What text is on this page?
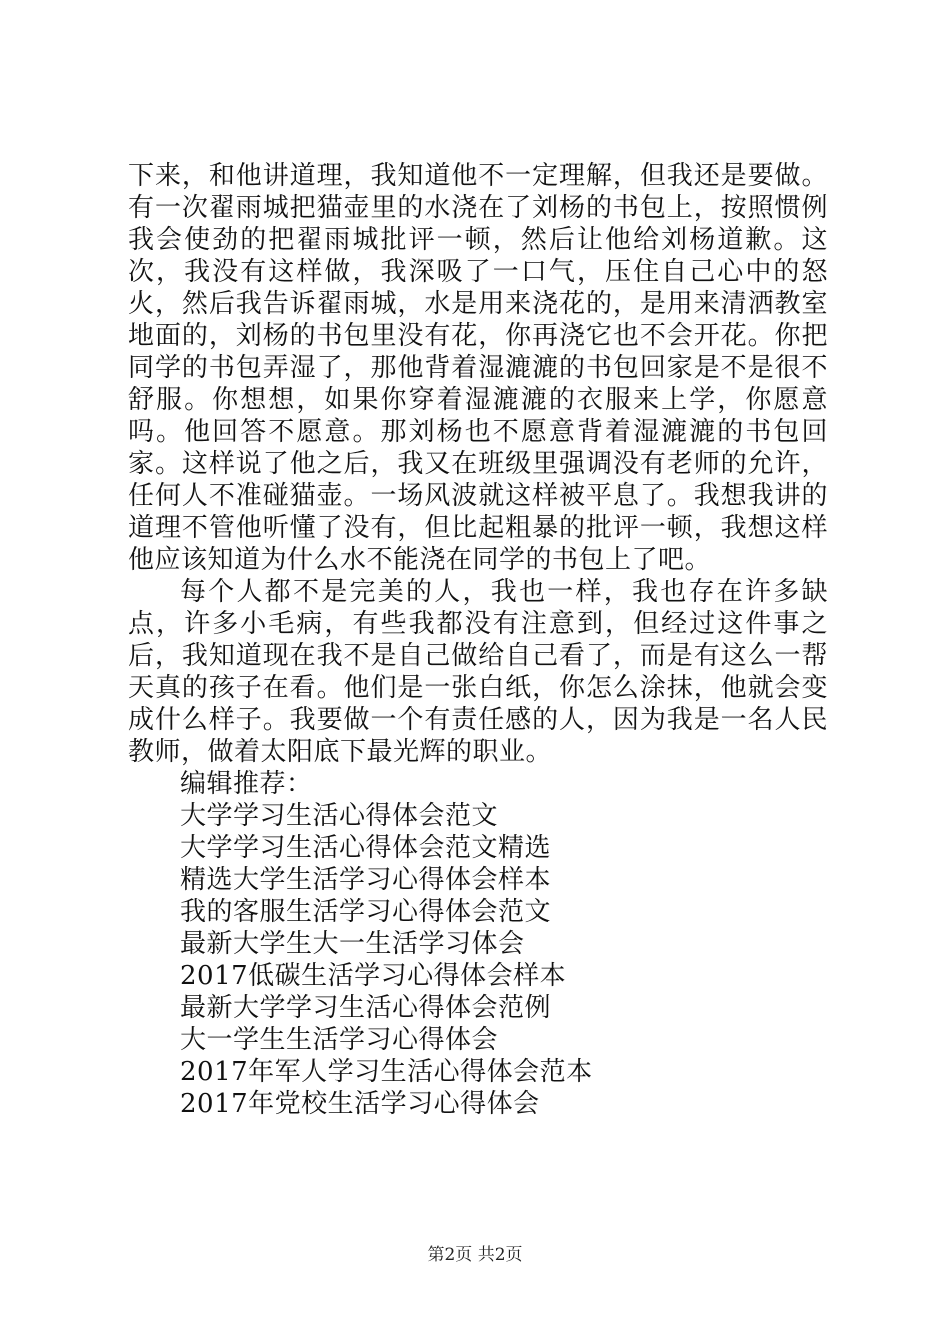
下来，和他讲道理，我知道他不一定理解，但我还是要做。有一次翟雨城把猫壶里的水浇在了刘杨的书包上，按照惯例我会使劲的把翟雨城批评一顿，然后让他给刘杨道歉。这次，我没有这样做，我深吸了一口气，压住自己心中的怒火，然后我告诉翟雨城，水是用来浇花的，是用来清洒教室地面的，刘杨的书包里没有花，你再浇它也不会开花。你把同学的书包弄湿了，那他背着湿漉漉的书包回家是不是很不舒服。你想想，如果你穿着湿漉漉的衣服来上学，你愿意吗。他回答不愿意。那刘杨也不愿意背着湿漉漉的书包回家。这样说了他之后，我又在班级里强调没有老师的允许，任何人不准碰猫壶。一场风波就这样被平息了。我想我讲的道理不管他听懂了没有，但比起粗暴的批评一顿，我想这样他应该知道为什么水不能浇在同学的书包上了吧。

每个人都不是完美的人，我也一样，我也存在许多缺点，许多小毛病，有些我都没有注意到，但经过这件事之后，我知道现在我不是自己做给自己看了，而是有这么一帮天真的孩子在看。他们是一张白纸，你怎么涂抹，他就会变成什么样子。我要做一个有责任感的人，因为我是一名人民教师，做着太阳底下最光辉的职业。

编辑推荐：

大学学习生活心得体会范文
大学学习生活心得体会范文精选
精选大学生活学习心得体会样本
我的客服生活学习心得体会范文
最新大学生大一生活学习体会
2017低碳生活学习心得体会样本
最新大学学习生活心得体会范例
大一学生生活学习心得体会
2017年军人学习生活心得体会范本
2017年党校生活学习心得体会
第2页 共2页
